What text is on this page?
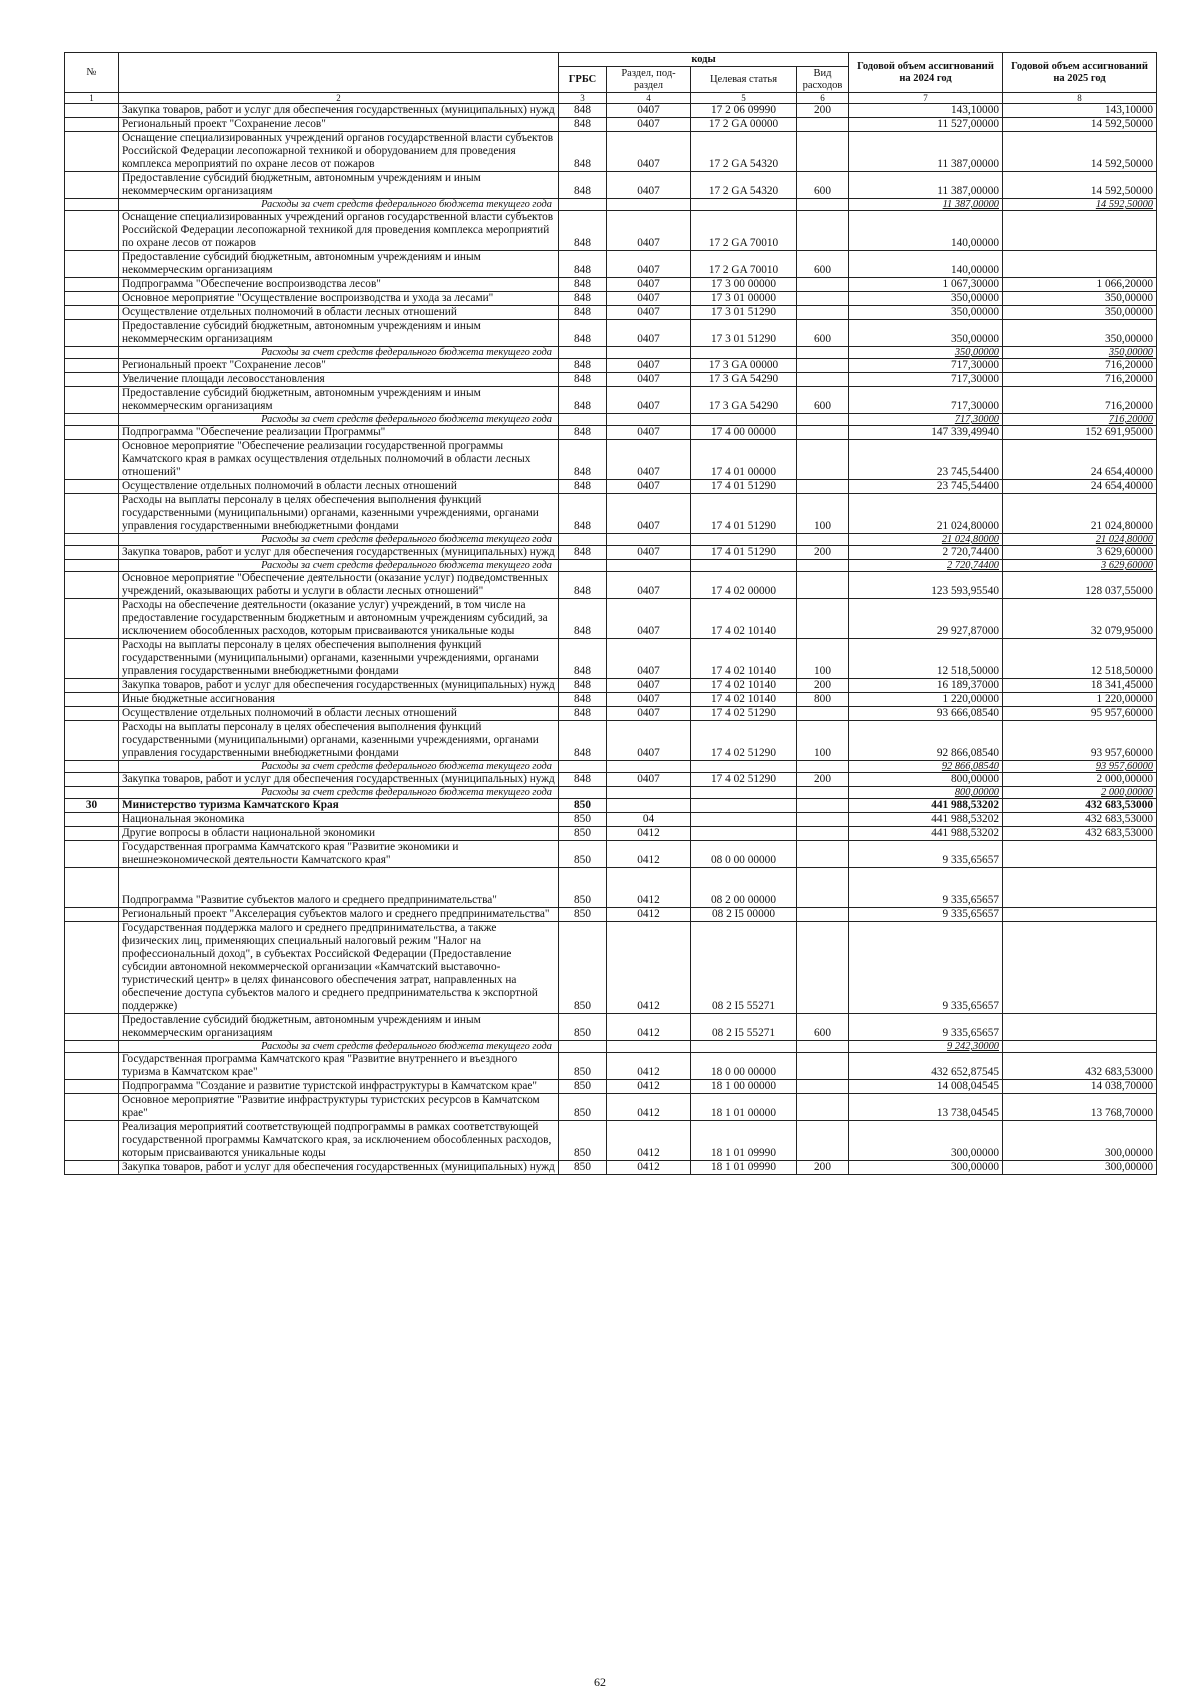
№		коды				Годовой объем ассигнований на 2024 год	Годовой объем ассигнований на 2025 год
		ГРБС	Раздел, под-раздел	Целевая статья	Вид расходов		
1	2	3	4	5	6	7	8
	Закупка товаров, работ и услуг для обеспечения государственных (муниципальных) нужд	848	0407	17 2 06 09990	200	143,10000	143,10000
	Региональный проект "Сохранение лесов"	848	0407	17 2 GA 00000		11 527,00000	14 592,50000
	Оснащение специализированных учреждений органов государственной власти субъектов Российской Федерации лесопожарной техникой и оборудованием для проведения комплекса мероприятий по охране лесов от пожаров	848	0407	17 2 GA 54320		11 387,00000	14 592,50000
	Предоставление субсидий бюджетным, автономным учреждениям и иным некоммерческим организациям	848	0407	17 2 GA 54320	600	11 387,00000	14 592,50000
	Расходы за счет средств федерального бюджета текущего года					11 387,00000	14 592,50000
	Оснащение специализированных учреждений органов государственной власти субъектов Российской Федерации лесопожарной техникой для проведения комплекса мероприятий по охране лесов от пожаров	848	0407	17 2 GA 70010		140,00000	
	Предоставление субсидий бюджетным, автономным учреждениям и иным некоммерческим организациям	848	0407	17 2 GA 70010	600	140,00000	
	Подпрограмма "Обеспечение воспроизводства лесов"	848	0407	17 3 00 00000		1 067,30000	1 066,20000
	Основное мероприятие "Осуществление воспроизводства и ухода за лесами"	848	0407	17 3 01 00000		350,00000	350,00000
	Осуществление отдельных полномочий в области лесных отношений	848	0407	17 3 01 51290		350,00000	350,00000
	Предоставление субсидий бюджетным, автономным учреждениям и иным некоммерческим организациям	848	0407	17 3 01 51290	600	350,00000	350,00000
	Расходы за счет средств федерального бюджета текущего года					350,00000	350,00000
	Региональный проект "Сохранение лесов"	848	0407	17 3 GA 00000		717,30000	716,20000
	Увеличение площади лесовосстановления	848	0407	17 3 GA 54290		717,30000	716,20000
	Предоставление субсидий бюджетным, автономным учреждениям и иным некоммерческим организациям	848	0407	17 3 GA 54290	600	717,30000	716,20000
	Расходы за счет средств федерального бюджета текущего года					717,30000	716,20000
	Подпрограмма "Обеспечение реализации Программы"	848	0407	17 4 00 00000		147 339,49940	152 691,95000
	Основное мероприятие "Обеспечение реализации государственной программы Камчатского края в рамках осуществления отдельных полномочий в области лесных отношений"	848	0407	17 4 01 00000		23 745,54400	24 654,40000
	Осуществление отдельных полномочий в области лесных отношений	848	0407	17 4 01 51290		23 745,54400	24 654,40000
	Расходы на выплаты персоналу в целях обеспечения выполнения функций государственными (муниципальными) органами, казенными учреждениями, органами управления государственными внебюджетными фондами	848	0407	17 4 01 51290	100	21 024,80000	21 024,80000
	Расходы за счет средств федерального бюджета текущего года					21 024,80000	21 024,80000
	Закупка товаров, работ и услуг для обеспечения государственных (муниципальных) нужд	848	0407	17 4 01 51290	200	2 720,74400	3 629,60000
	Расходы за счет средств федерального бюджета текущего года					2 720,74400	3 629,60000
	Основное мероприятие "Обеспечение деятельности (оказание услуг) подведомственных учреждений, оказывающих работы и услуги в области лесных отношений"	848	0407	17 4 02 00000		123 593,95540	128 037,55000
	Расходы на обеспечение деятельности (оказание услуг) учреждений, в том числе на предоставление государственным бюджетным и автономным учреждениям субсидий, за исключением обособленных расходов, которым присваиваются уникальные коды	848	0407	17 4 02 10140		29 927,87000	32 079,95000
	Расходы на выплаты персоналу в целях обеспечения выполнения функций государственными (муниципальными) органами, казенными учреждениями, органами управления государственными внебюджетными фондами	848	0407	17 4 02 10140	100	12 518,50000	12 518,50000
	Закупка товаров, работ и услуг для обеспечения государственных (муниципальных) нужд	848	0407	17 4 02 10140	200	16 189,37000	18 341,45000
	Иные бюджетные ассигнования	848	0407	17 4 02 10140	800	1 220,00000	1 220,00000
	Осуществление отдельных полномочий в области лесных отношений	848	0407	17 4 02 51290		93 666,08540	95 957,60000
	Расходы на выплаты персоналу в целях обеспечения выполнения функций государственными (муниципальными) органами, казенными учреждениями, органами управления государственными внебюджетными фондами	848	0407	17 4 02 51290	100	92 866,08540	93 957,60000
	Расходы за счет средств федерального бюджета текущего года					92 866,08540	93 957,60000
	Закупка товаров, работ и услуг для обеспечения государственных (муниципальных) нужд	848	0407	17 4 02 51290	200	800,00000	2 000,00000
	Расходы за счет средств федерального бюджета текущего года					800,00000	2 000,00000
30	Министерство туризма Камчатского Края	850				441 988,53202	432 683,53000
	Национальная экономика	850	04			441 988,53202	432 683,53000
	Другие вопросы в области национальной экономики	850	0412			441 988,53202	432 683,53000
	Государственная программа Камчатского края "Развитие экономики и внешнеэкономической деятельности Камчатского края"	850	0412	08 0 00 00000		9 335,65657	
	Подпрограмма "Развитие субъектов малого и среднего предпринимательства"	850	0412	08 2 00 00000		9 335,65657	
	Региональный проект "Акселерация субъектов малого и среднего предпринимательства"	850	0412	08 2 I5 00000		9 335,65657	
	Государственная поддержка малого и среднего предпринимательства, а также физических лиц, применяющих специальный налоговый режим "Налог на профессиональный доход", в субъектах Российской Федерации (Предоставление субсидии автономной некоммерческой организации «Камчатский выставочно-туристический центр» в целях финансового обеспечения затрат, направленных на обеспечение доступа субъектов малого и среднего предпринимательства к экспортной поддержке)	850	0412	08 2 I5 55271		9 335,65657	
	Предоставление субсидий бюджетным, автономным учреждениям и иным некоммерческим организациям	850	0412	08 2 I5 55271	600	9 335,65657	
	Расходы за счет средств федерального бюджета текущего года					9 242,30000	
	Государственная программа Камчатского края "Развитие внутреннего и въездного туризма в Камчатском крае"	850	0412	18 0 00 00000		432 652,87545	432 683,53000
	Подпрограмма "Создание и развитие туристской инфраструктуры в Камчатском крае"	850	0412	18 1 00 00000		14 008,04545	14 038,70000
	Основное мероприятие "Развитие инфраструктуры туристских ресурсов в Камчатском крае"	850	0412	18 1 01 00000		13 738,04545	13 768,70000
	Реализация мероприятий соответствующей подпрограммы в рамках соответствующей государственной программы Камчатского края, за исключением обособленных расходов, которым присваиваются уникальные коды	850	0412	18 1 01 09990		300,00000	300,00000
	Закупка товаров, работ и услуг для обеспечения государственных (муниципальных) нужд	850	0412	18 1 01 09990	200	300,00000	300,00000
62
